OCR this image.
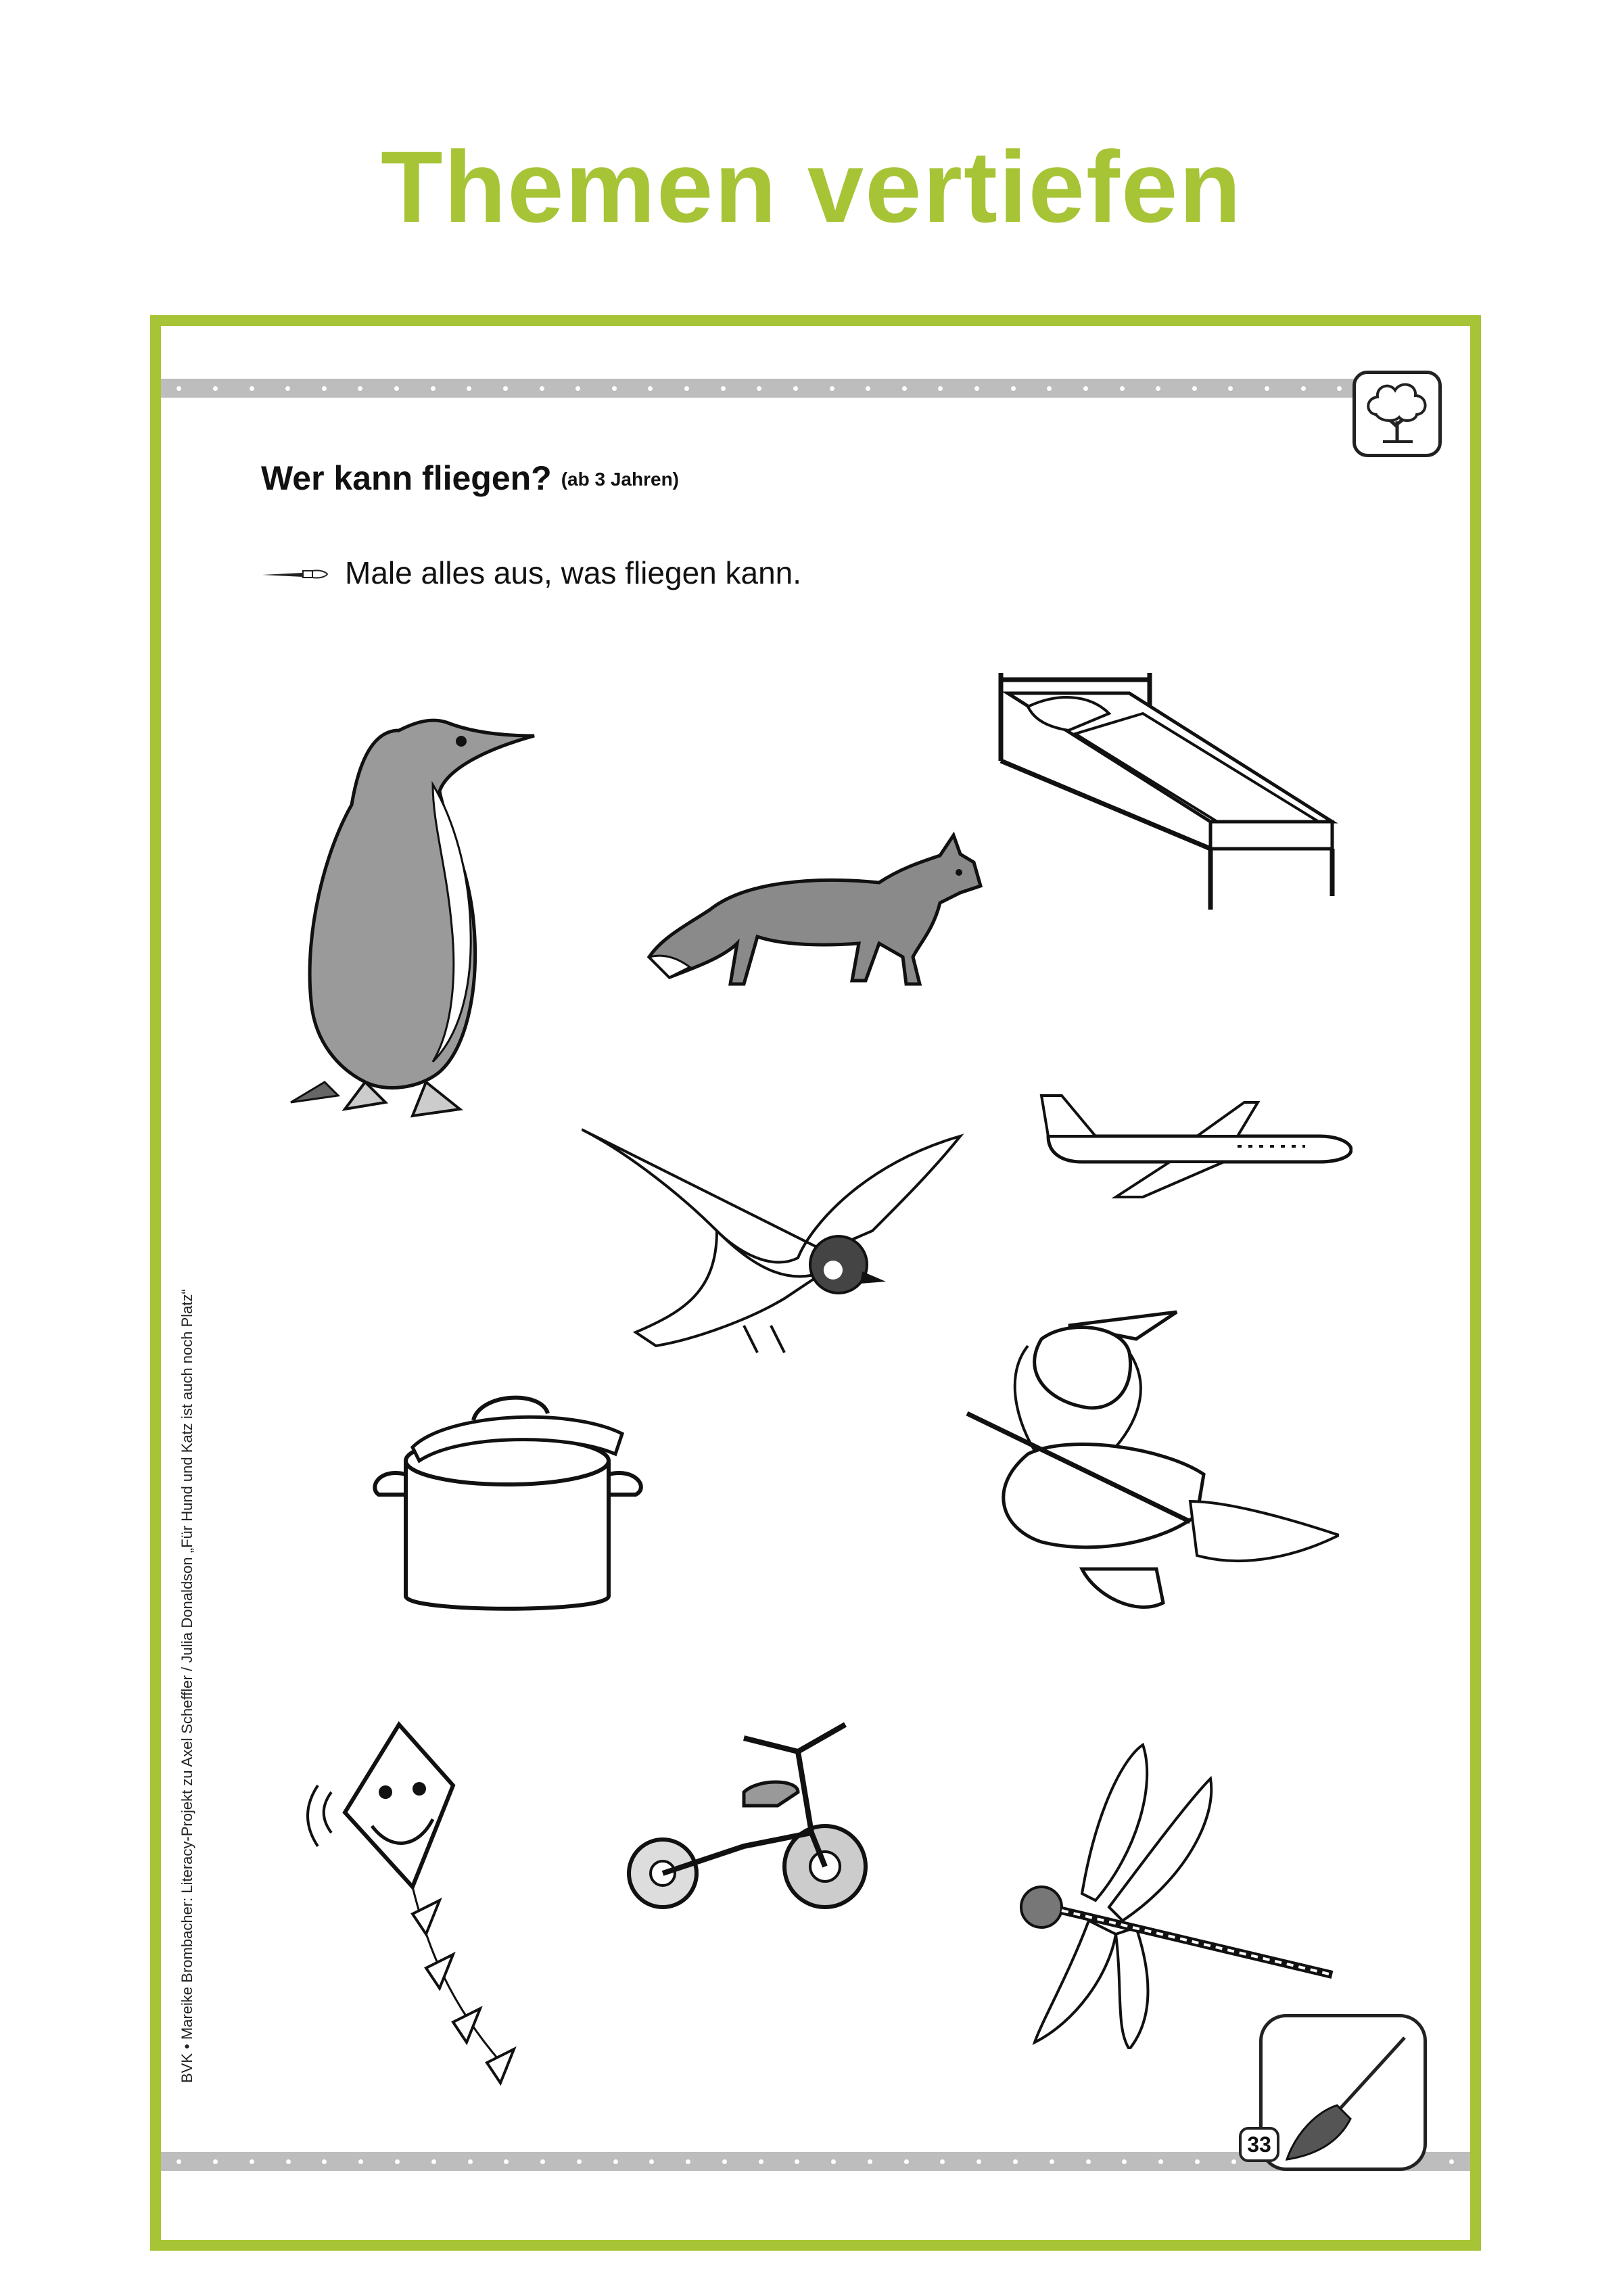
Themen vertiefen
Wer kann fliegen? (ab 3 Jahren)
Male alles aus, was fliegen kann.
33
BVK • Mareike Brombacher: Literacy-Projekt zu Axel Scheffler / Julia Donaldson „Für Hund und Katz ist auch noch Platz“
